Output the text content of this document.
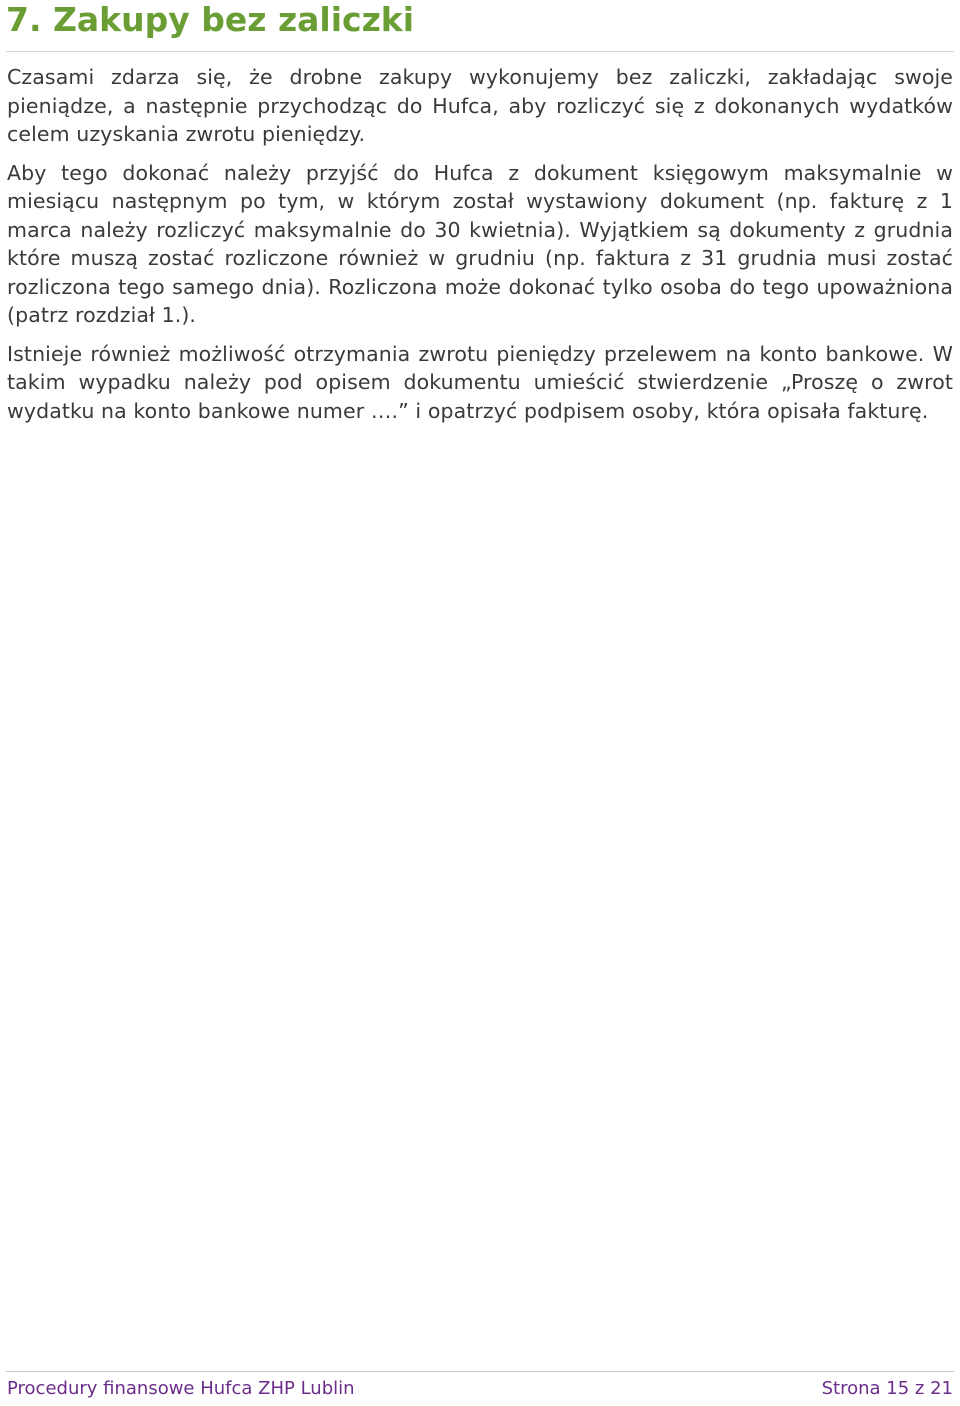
7. Zakupy bez zaliczki

Czasami zdarza się, że drobne zakupy wykonujemy bez zaliczki, zakładając swoje pieniądze, a następnie przychodząc do Hufca, aby rozliczyć się z dokonanych wydatków celem uzyskania zwrotu pieniędzy.

Aby tego dokonać należy przyjść do Hufca z dokument księgowym maksymalnie w miesiącu następnym po tym, w którym został wystawiony dokument (np. fakturę z 1 marca należy rozliczyć maksymalnie do 30 kwietnia). Wyjątkiem są dokumenty z grudnia które muszą zostać rozliczone również w grudniu (np. faktura z 31 grudnia musi zostać rozliczona tego samego dnia). Rozliczona może dokonać tylko osoba do tego upoważniona (patrz rozdział 1.).

Istnieje również możliwość otrzymania zwrotu pieniędzy przelewem na konto bankowe. W takim wypadku należy pod opisem dokumentu umieścić stwierdzenie „Proszę o zwrot wydatku na konto bankowe numer ….” i opatrzyć podpisem osoby, która opisała fakturę.

Procedury finansowe Hufca ZHP Lublin	Strona 15 z 21
